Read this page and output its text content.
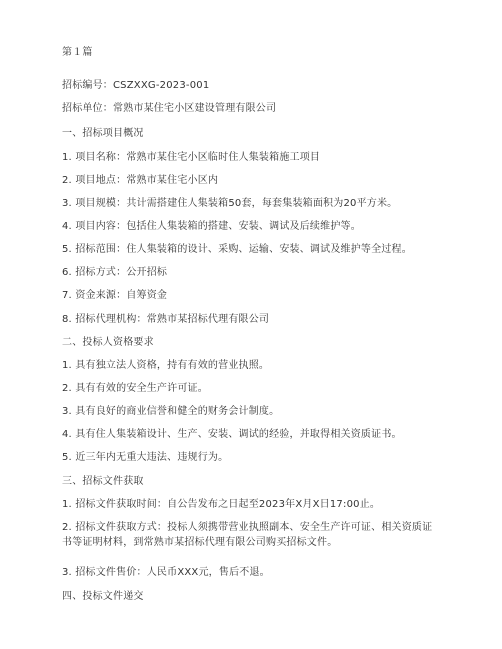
第１篇
招标编号：CSZXXG-2023-001
招标单位：常熟市某住宅小区建设管理有限公司
一、招标项目概况
1. 项目名称：常熟市某住宅小区临时住人集装箱施工项目
2. 项目地点：常熟市某住宅小区内
3. 项目规模：共计需搭建住人集装箱50套，每套集装箱面积为20平方米。
4. 项目内容：包括住人集装箱的搭建、安装、调试及后续维护等。
5. 招标范围：住人集装箱的设计、采购、运输、安装、调试及维护等全过程。
6. 招标方式：公开招标
7. 资金来源：自筹资金
8. 招标代理机构：常熟市某招标代理有限公司
二、投标人资格要求
1. 具有独立法人资格，持有有效的营业执照。
2. 具有有效的安全生产许可证。
3. 具有良好的商业信誉和健全的财务会计制度。
4. 具有住人集装箱设计、生产、安装、调试的经验，并取得相关资质证书。
5. 近三年内无重大违法、违规行为。
三、招标文件获取
1. 招标文件获取时间：自公告发布之日起至2023年X月X日17:00止。
2. 招标文件获取方式：投标人须携带营业执照副本、安全生产许可证、相关资质证书等证明材料，到常熟市某招标代理有限公司购买招标文件。
3. 招标文件售价：人民币XXX元，售后不退。
四、投标文件递交
